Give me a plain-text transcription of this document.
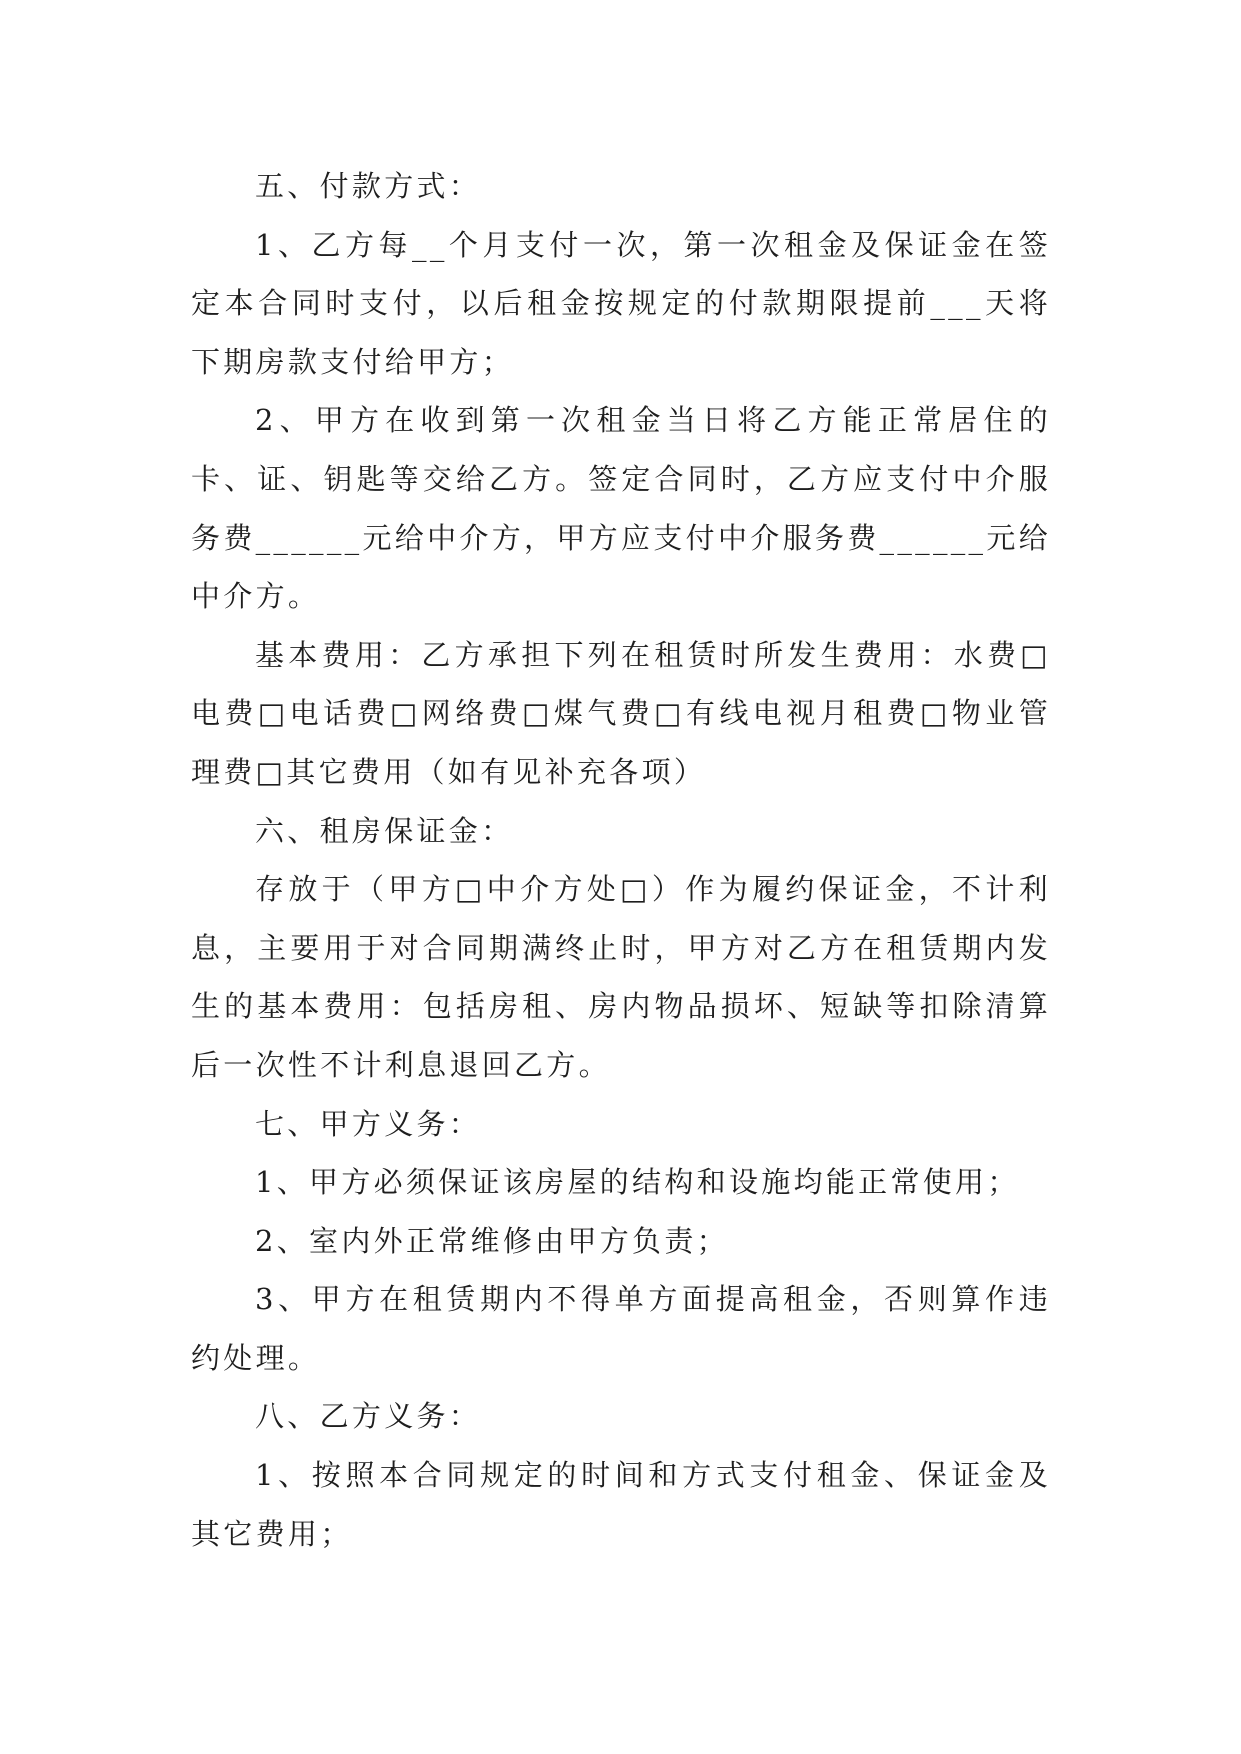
五、付款方式：

1、乙方每__个月支付一次，第一次租金及保证金在签定本合同时支付，以后租金按规定的付款期限提前___天将下期房款支付给甲方；

2、甲方在收到第一次租金当日将乙方能正常居住的卡、证、钥匙等交给乙方。签定合同时，乙方应支付中介服务费______元给中介方，甲方应支付中介服务费______元给中介方。

基本费用：乙方承担下列在租赁时所发生费用：水费□电费□电话费□网络费□煤气费□有线电视月租费□物业管理费□其它费用（如有见补充各项）

六、租房保证金：

存放于（甲方□中介方处□）作为履约保证金，不计利息，主要用于对合同期满终止时，甲方对乙方在租赁期内发生的基本费用：包括房租、房内物品损坏、短缺等扣除清算后一次性不计利息退回乙方。

七、甲方义务：

1、甲方必须保证该房屋的结构和设施均能正常使用；

2、室内外正常维修由甲方负责；

3、甲方在租赁期内不得单方面提高租金，否则算作违约处理。

八、乙方义务：

1、按照本合同规定的时间和方式支付租金、保证金及其它费用；
